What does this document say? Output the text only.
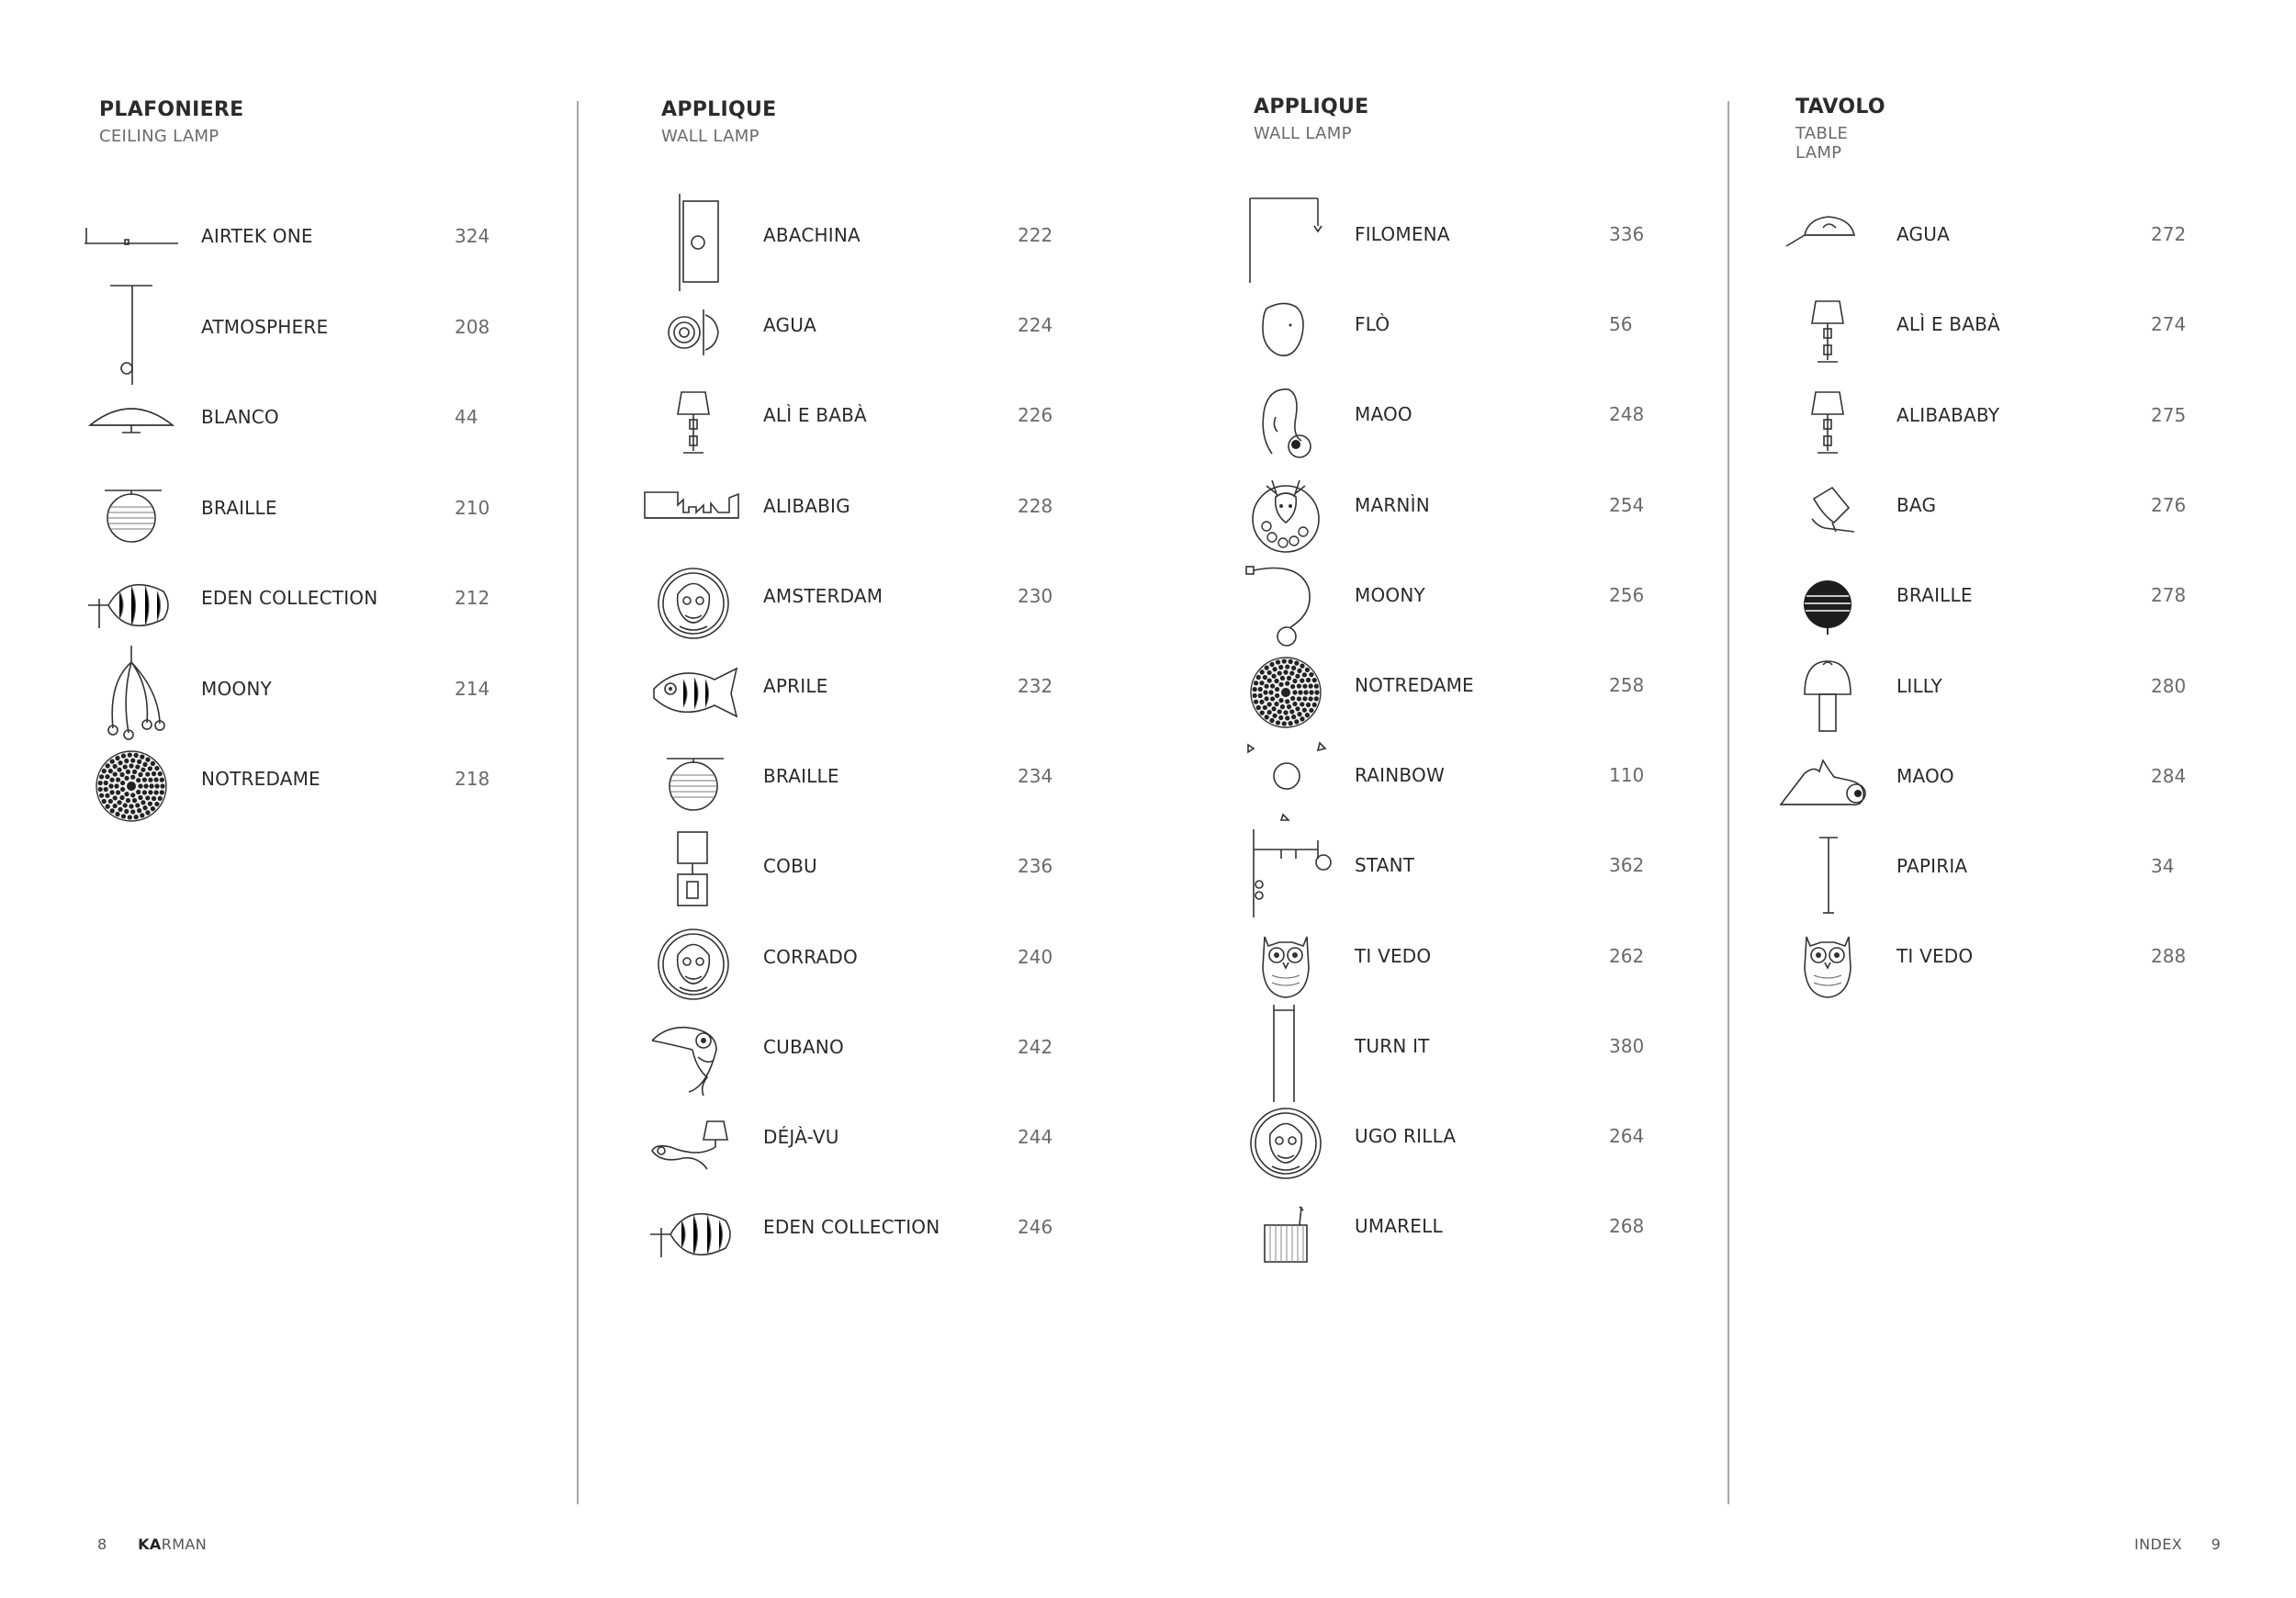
PLAFONIERE
CEILING LAMP
AIRTEK ONE	324
ATMOSPHERE	208
BLANCO	44
BRAILLE	210
EDEN COLLECTION	212
MOONY	214
NOTREDAME	218
APPLIQUE
WALL LAMP
ABACHINA	222
AGUA	224
ALÌ E BABÀ	226
ALIBABIG	228
AMSTERDAM	230
APRILE	232
BRAILLE	234
COBU	236
CORRADO	240
CUBANO	242
DÉJÀ-VU	244
EDEN COLLECTION	246
APPLIQUE
WALL LAMP
FILOMENA	336
FLÒ	56
MAOO	248
MARNÌN	254
MOONY	256
NOTREDAME	258
RAINBOW	110
STANT	362
TI VEDO	262
TURN IT	380
UGO RILLA	264
UMARELL	268
TAVOLO
TABLE LAMP
AGUA	272
ALÌ E BABÀ	274
ALIBABABY	275
BAG	276
BRAILLE	278
LILLY	280
MAOO	284
PAPIRIA	34
TI VEDO	288
8 KARMAN	INDEX 9
